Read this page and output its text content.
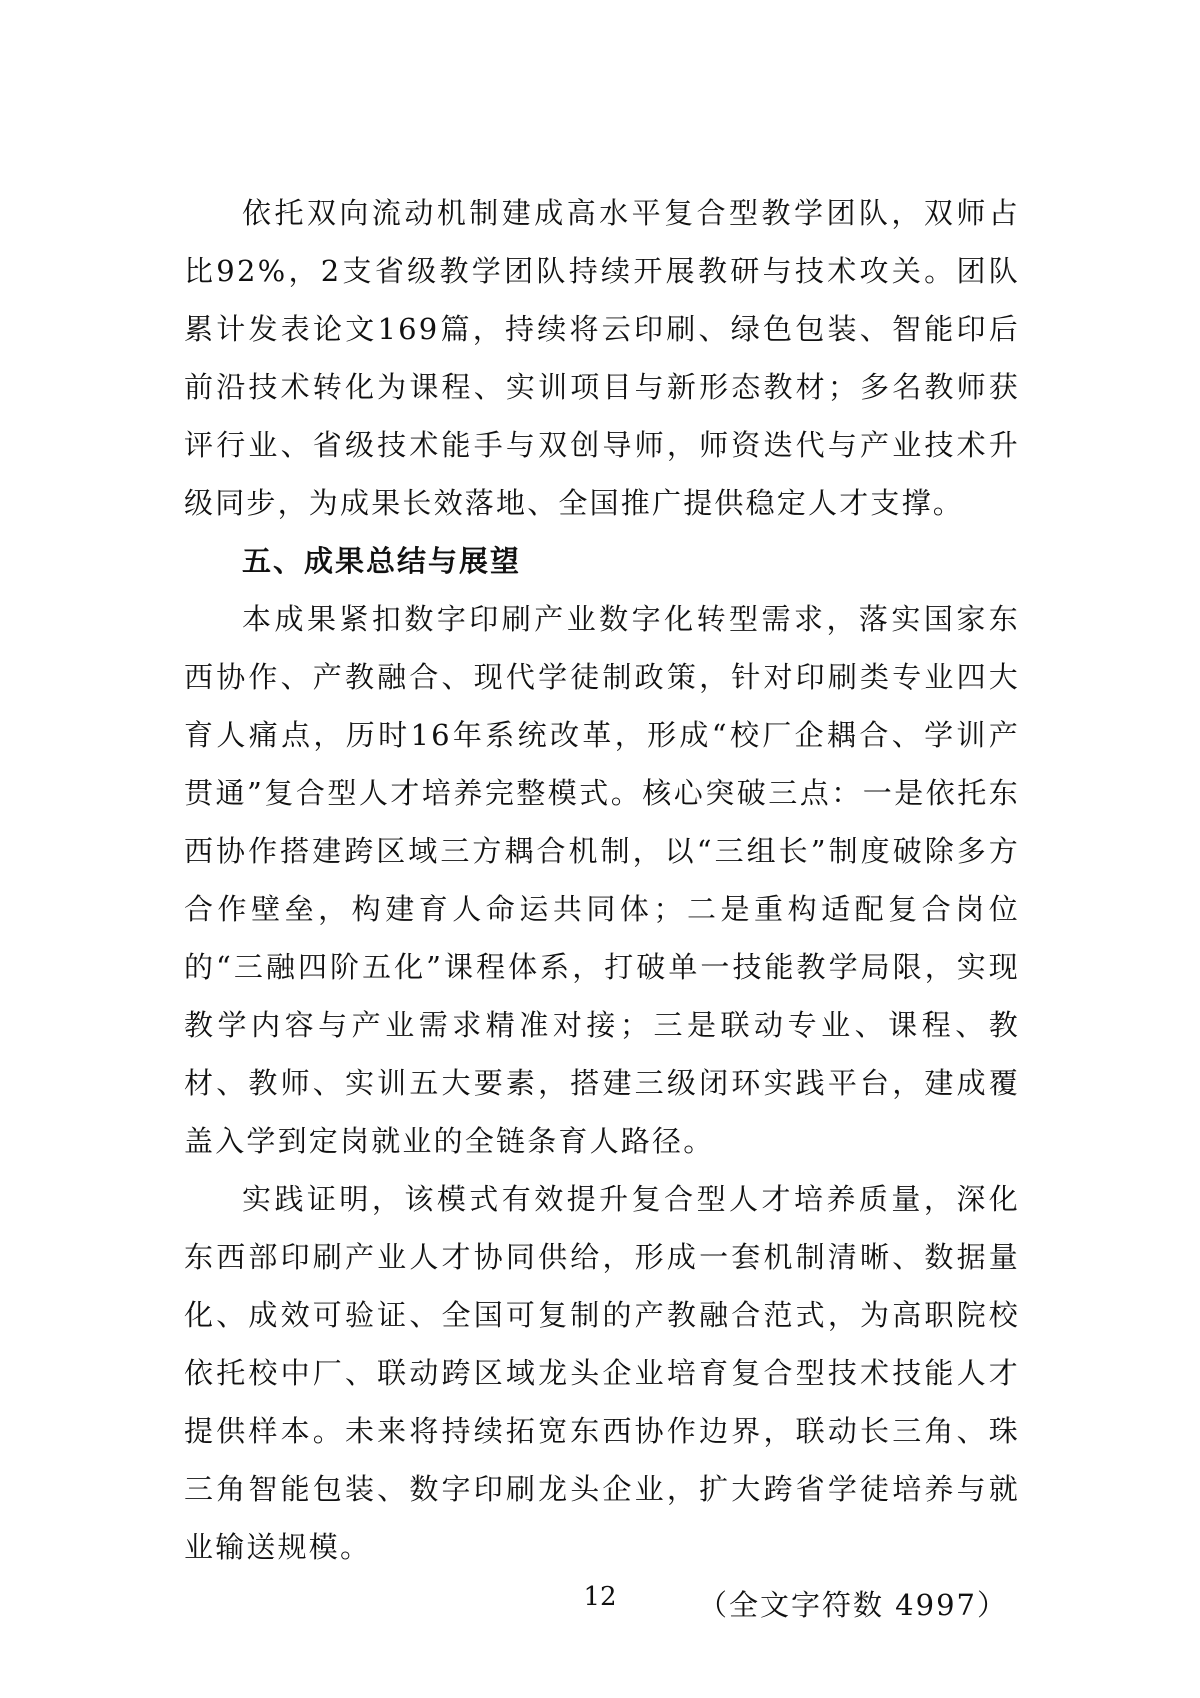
依托双向流动机制建成高水平复合型教学团队，双师占比92%，2支省级教学团队持续开展教研与技术攻关。团队累计发表论文169篇，持续将云印刷、绿色包装、智能印后前沿技术转化为课程、实训项目与新形态教材；多名教师获评行业、省级技术能手与双创导师，师资迭代与产业技术升级同步，为成果长效落地、全国推广提供稳定人才支撑。

五、成果总结与展望

本成果紧扣数字印刷产业数字化转型需求，落实国家东西协作、产教融合、现代学徒制政策，针对印刷类专业四大育人痛点，历时16年系统改革，形成“校厂企耦合、学训产贯通”复合型人才培养完整模式。核心突破三点：一是依托东西协作搭建跨区域三方耦合机制，以“三组长”制度破除多方合作壁垒，构建育人命运共同体；二是重构适配复合岗位的“三融四阶五化”课程体系，打破单一技能教学局限，实现教学内容与产业需求精准对接；三是联动专业、课程、教材、教师、实训五大要素，搭建三级闭环实践平台，建成覆盖入学到定岗就业的全链条育人路径。

实践证明，该模式有效提升复合型人才培养质量，深化东西部印刷产业人才协同供给，形成一套机制清晰、数据量化、成效可验证、全国可复制的产教融合范式，为高职院校依托校中厂、联动跨区域龙头企业培育复合型技术技能人才提供样本。未来将持续拓宽东西协作边界，联动长三角、珠三角智能包装、数字印刷龙头企业，扩大跨省学徒培养与就业输送规模。

（全文字符数 4997）

12
